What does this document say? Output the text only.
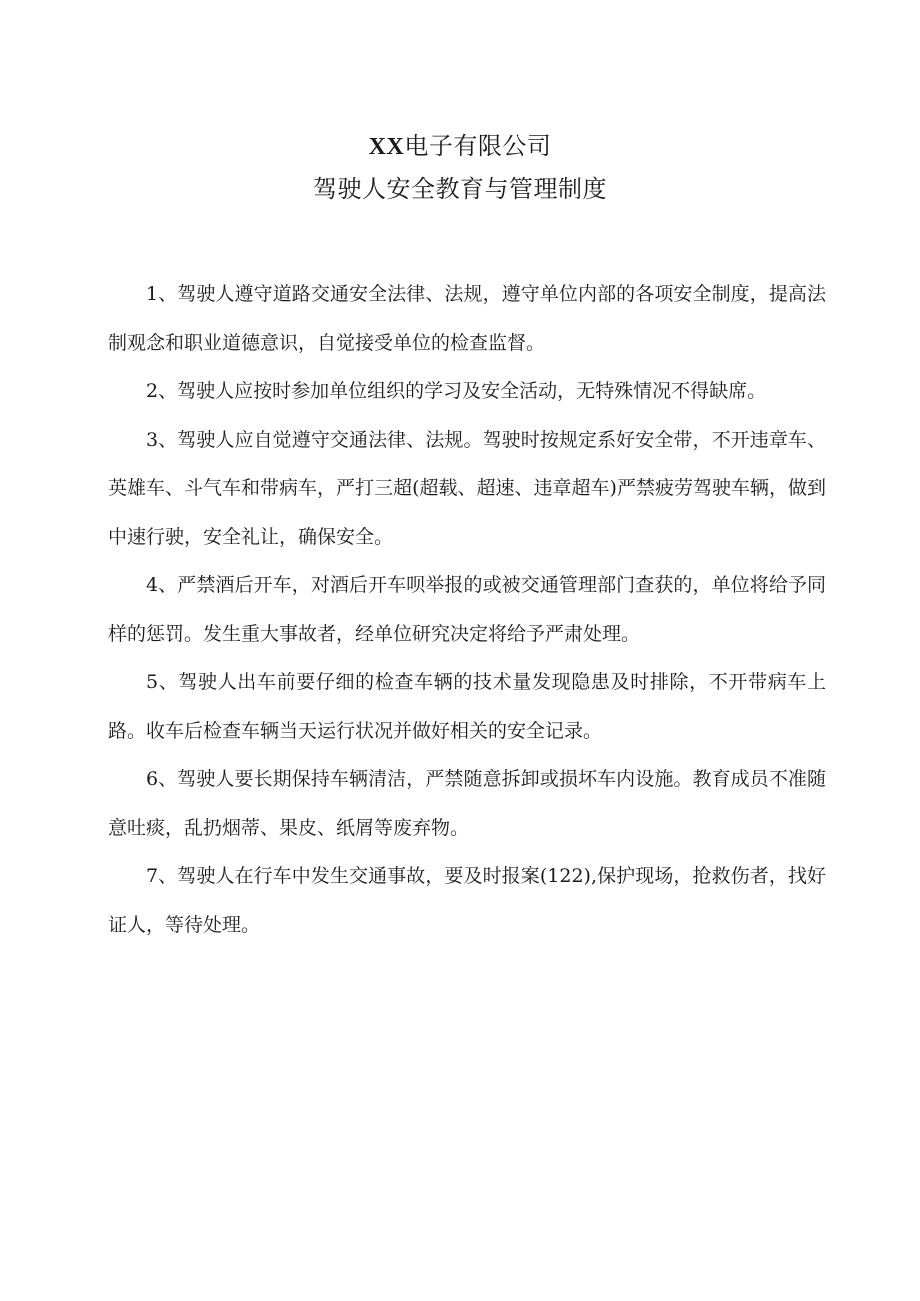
XX电子有限公司
驾驶人安全教育与管理制度

1、驾驶人遵守道路交通安全法律、法规，遵守单位内部的各项安全制度，提高法制观念和职业道德意识，自觉接受单位的检查监督。

2、驾驶人应按时参加单位组织的学习及安全活动，无特殊情况不得缺席。

3、驾驶人应自觉遵守交通法律、法规。驾驶时按规定系好安全带，不开违章车、英雄车、斗气车和带病车，严打三超(超载、超速、违章超车)严禁疲劳驾驶车辆，做到中速行驶，安全礼让，确保安全。

4、严禁酒后开车，对酒后开车呗举报的或被交通管理部门查获的，单位将给予同样的惩罚。发生重大事故者，经单位研究决定将给予严肃处理。

5、驾驶人出车前要仔细的检查车辆的技术量发现隐患及时排除，不开带病车上路。收车后检查车辆当天运行状况并做好相关的安全记录。

6、驾驶人要长期保持车辆清洁，严禁随意拆卸或损坏车内设施。教育成员不准随意吐痰，乱扔烟蒂、果皮、纸屑等废弃物。

7、驾驶人在行车中发生交通事故，要及时报案(122),保护现场，抢救伤者，找好证人，等待处理。
